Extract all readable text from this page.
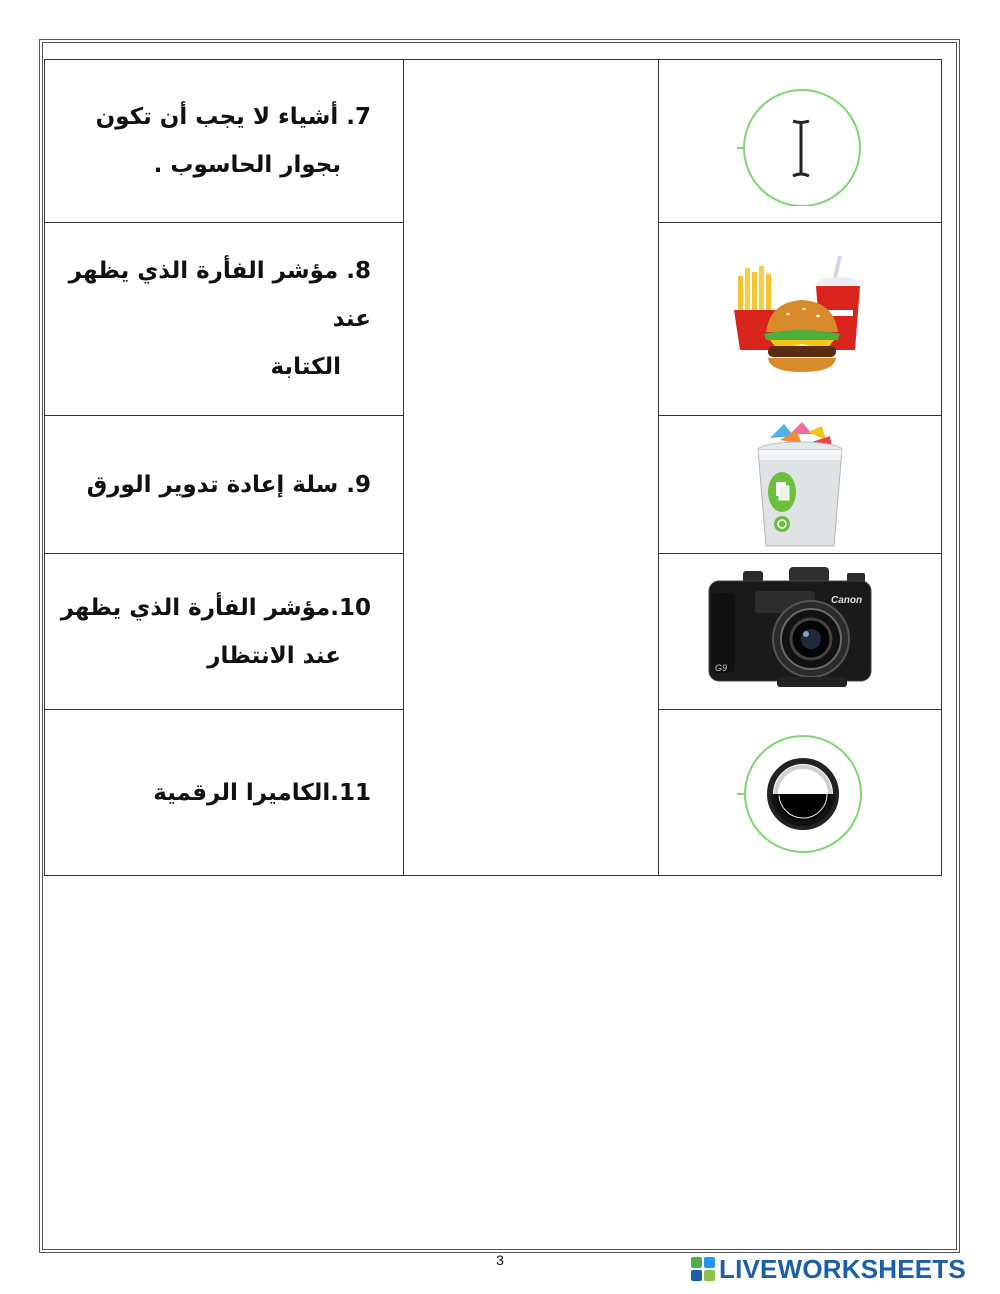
7. أشياء لا يجب أن تكون
بجوار الحاسوب .

8. مؤشر الفأرة الذي يظهر عند
الكتابة

9. سلة إعادة تدوير الورق

10.مؤشر الفأرة الذي يظهر
عند الانتظار		Canon
G9

11.الكاميرا الرقمية

3	LIVEWORKSHEETS
